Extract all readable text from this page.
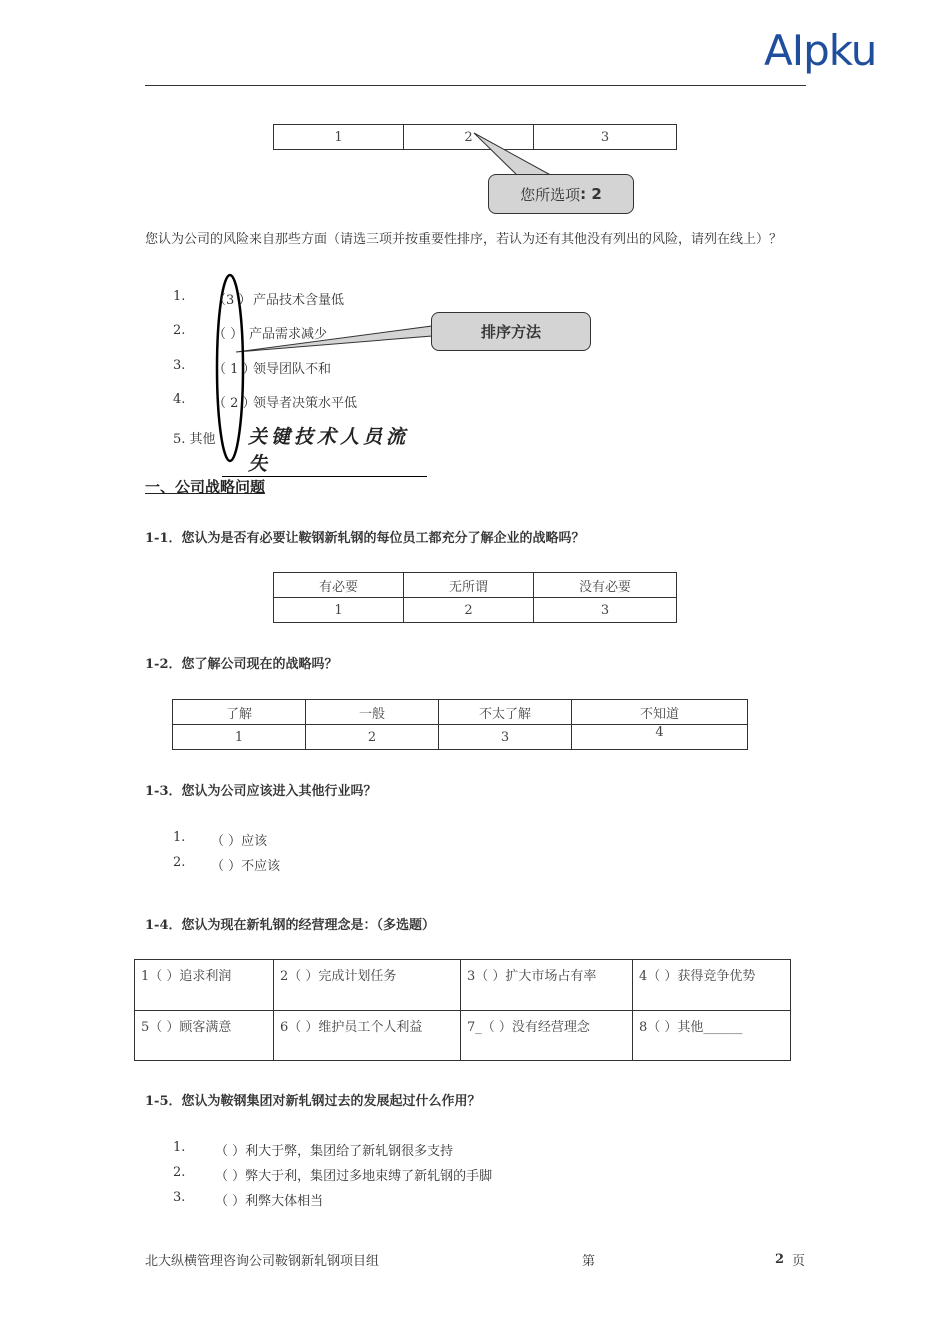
AIpku
1	2	3
您所选项 : 2
您认为公司的风险来自那些方面（请选三项并按重要性排序，若认为还有其他没有列出的风险，请列在线上）？
1. （3 ） 产品技术含量低
2. （ ） 产品需求减少
3. （ 1 ）
领导团队不和
4. （ 2 ）
领导者决策水平低
5. 其他	关键技术人员流失
排序方法
一、公司战略问题
1-1．您认为是否有必要让鞍钢新轧钢的每位员工都充分了解企业的战略吗？
有必要	无所谓	没有必要
1	2	3
1-2．您了解公司现在的战略吗？
了解	一般	不太了解	不知道
1	2	3	4
1-3．您认为公司应该进入其他行业吗？
1. （ ）应该
2. （ ）不应该
1-4．您认为现在新轧钢的经营理念是：（多选题）
1（ ）追求利润	2（ ）完成计划任务	3（ ）扩大市场占有率	4（ ）获得竞争优势
5（ ）顾客满意	6（ ）维护员工个人利益	7_（ ）没有经营理念	8（ ）其他______
1-5．您认为鞍钢集团对新轧钢过去的发展起过什么作用？
1. （ ）利大于弊，集团给了新轧钢很多支持
2. （ ）弊大于利，集团过多地束缚了新轧钢的手脚
3. （ ）利弊大体相当
北大纵横管理咨询公司鞍钢新轧钢项目组	第	2 页
